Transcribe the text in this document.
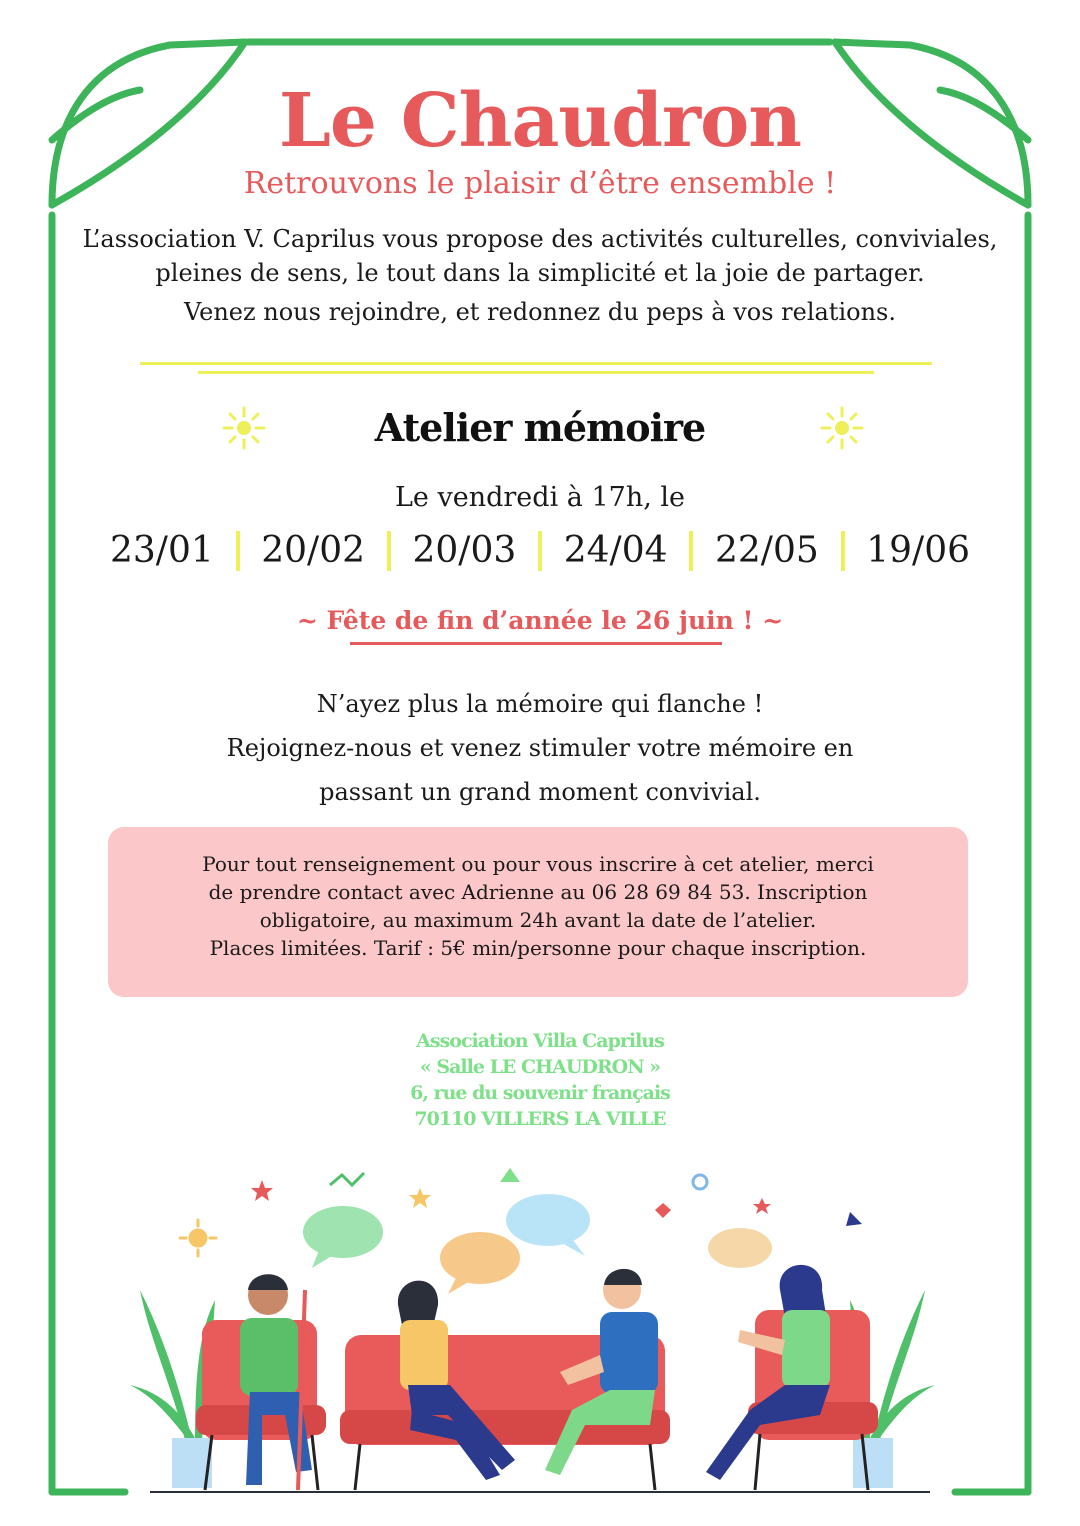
Le Chaudron
Retrouvons le plaisir d’être ensemble !
L’association V. Caprilus vous propose des activités culturelles, conviviales,
pleines de sens, le tout dans la simplicité et la joie de partager.
Venez nous rejoindre, et redonnez du peps à vos relations.
Atelier mémoire
Le vendredi à 17h, le
23/01 20/02 20/03 24/04 22/05 19/06
~ Fête de fin d’année le 26 juin ! ~
N’ayez plus la mémoire qui flanche !
Rejoignez-nous et venez stimuler votre mémoire en
passant un grand moment convivial.
Pour tout renseignement ou pour vous inscrire à cet atelier, merci
de prendre contact avec Adrienne au 06 28 69 84 53. Inscription
obligatoire, au maximum 24h avant la date de l’atelier.
Places limitées. Tarif : 5€ min/personne pour chaque inscription.
Association Villa Caprilus
« Salle LE CHAUDRON »
6, rue du souvenir français
70110 VILLERS LA VILLE
